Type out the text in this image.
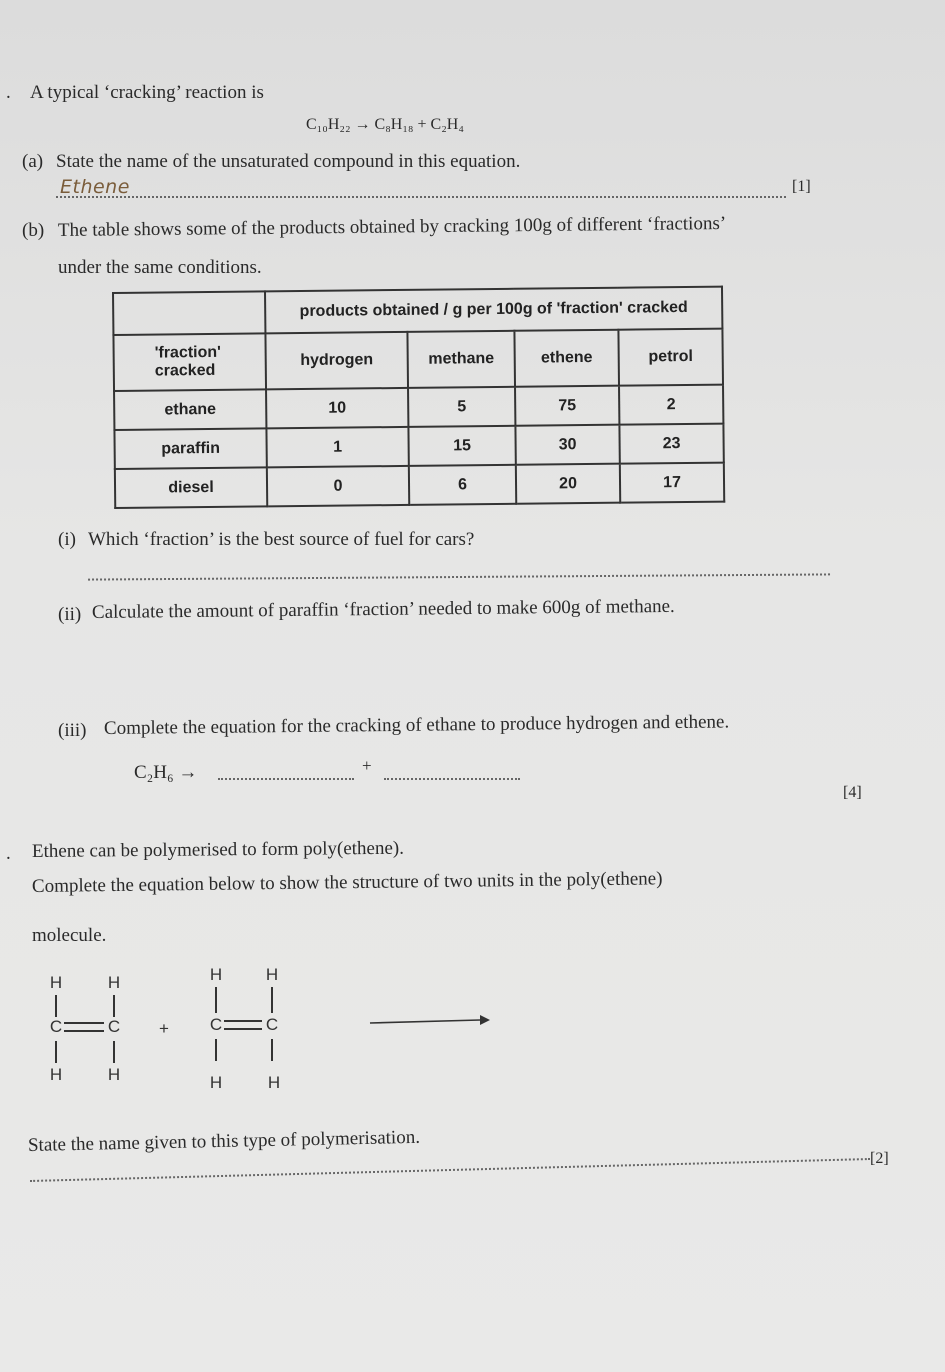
. A typical ‘cracking’ reaction is
C₁₀H₂₂ → C₈H₁₈ + C₂H₄
(a) State the name of the unsaturated compound in this equation.
Ethene	[1]
(b) The table shows some of the products obtained by cracking 100g of different ‘fractions’
under the same conditions.
	products obtained / g per 100g of 'fraction' cracked			
'fraction' cracked	hydrogen	methane	ethene	petrol
ethane	10	5	75	2
paraffin	1	15	30	23
diesel	0	6	20	17
(i) Which ‘fraction’ is the best source of fuel for cars?
(ii) Calculate the amount of paraffin ‘fraction’ needed to make 600g of methane.
(iii) Complete the equation for the cracking of ethane to produce hydrogen and ethene.
C₂H₆ →	+
[4]
. Ethene can be polymerised to form poly(ethene).
Complete the equation below to show the structure of two units in the poly(ethene)
molecule.
H	H
C	C
H	H
+
H	H
C	C
H	H
State the name given to this type of polymerisation.
[2]
